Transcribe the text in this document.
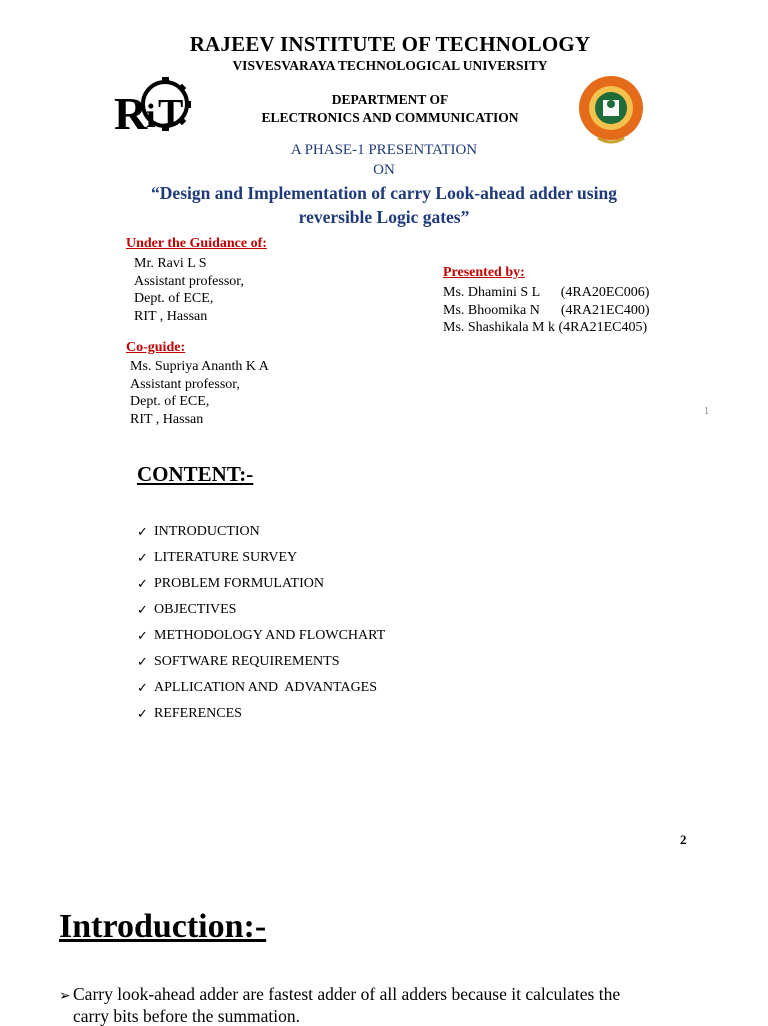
RAJEEV INSTITUTE OF TECHNOLOGY
VISVESVARAYA TECHNOLOGICAL UNIVERSITY
R
i T	DEPARTMENT OF
ELECTRONICS AND COMMUNICATION
A PHASE-1 PRESENTATION
ON
“Design and Implementation of carry Look-ahead adder using
reversible Logic gates”
Under the Guidance of:
Mr. Ravi L S
Assistant professor,
Dept. of ECE,
RIT , Hassan
Co-guide:
Ms. Supriya Ananth K A
Assistant professor,
Dept. of ECE,
RIT , Hassan
Presented by:
Ms. Dhamini S L      (4RA20EC006)
Ms. Bhoomika N      (4RA21EC400)
Ms. Shashikala M k (4RA21EC405)
1
CONTENT:-
✓ INTRODUCTION
✓ LITERATURE SURVEY
✓ PROBLEM FORMULATION
✓ OBJECTIVES
✓ METHODOLOGY AND FLOWCHART
✓ SOFTWARE REQUIREMENTS
✓ APLLICATION AND  ADVANTAGES
✓ REFERENCES
2
Introduction:-
➢ Carry look-ahead adder are fastest adder of all adders because it calculates the
carry bits before the summation.
